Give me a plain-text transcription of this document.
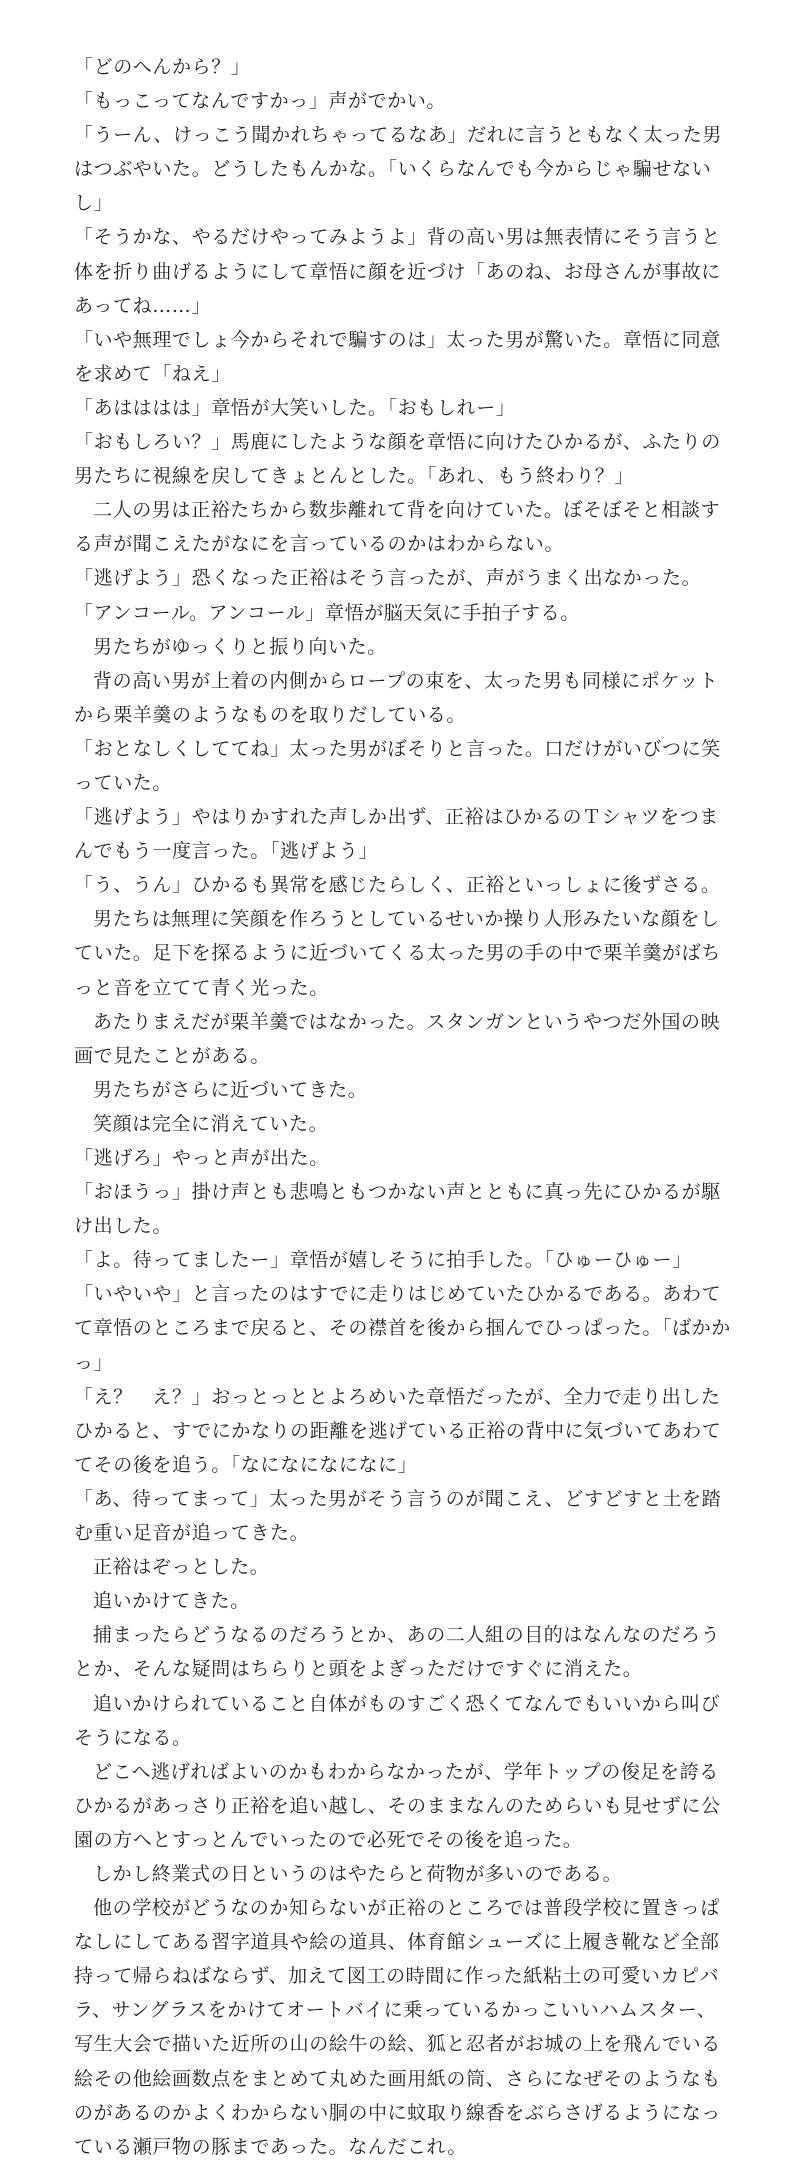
「どのへんから？」

「もっこってなんですかっ」声がでかい。

「うーん、けっこう聞かれちゃってるなあ」だれに言うともなく太った男はつぶやいた。どうしたもんかな。「いくらなんでも今からじゃ騙せないし」

「そうかな、やるだけやってみようよ」背の高い男は無表情にそう言うと体を折り曲げるようにして章悟に顔を近づけ「あのね、お母さんが事故にあってね……」

「いや無理でしょ今からそれで騙すのは」太った男が驚いた。章悟に同意を求めて「ねえ」

「あはははは」章悟が大笑いした。「おもしれー」

「おもしろい？」馬鹿にしたような顔を章悟に向けたひかるが、ふたりの男たちに視線を戻してきょとんとした。「あれ、もう終わり？」

二人の男は正裕たちから数歩離れて背を向けていた。ぼそぼそと相談する声が聞こえたがなにを言っているのかはわからない。

「逃げよう」恐くなった正裕はそう言ったが、声がうまく出なかった。

「アンコール。アンコール」章悟が脳天気に手拍子する。

男たちがゆっくりと振り向いた。

背の高い男が上着の内側からロープの束を、太った男も同様にポケットから栗羊羹のようなものを取りだしている。

「おとなしくしててね」太った男がぼそりと言った。口だけがいびつに笑っていた。

「逃げよう」やはりかすれた声しか出ず、正裕はひかるのＴシャツをつまんでもう一度言った。「逃げよう」

「う、うん」ひかるも異常を感じたらしく、正裕といっしょに後ずさる。

男たちは無理に笑顔を作ろうとしているせいか操り人形みたいな顔をしていた。足下を探るように近づいてくる太った男の手の中で栗羊羹がばちっと音を立てて青く光った。

あたりまえだが栗羊羹ではなかった。スタンガンというやつだ外国の映画で見たことがある。

男たちがさらに近づいてきた。

笑顔は完全に消えていた。

「逃げろ」やっと声が出た。

「おほうっ」掛け声とも悲鳴ともつかない声とともに真っ先にひかるが駆け出した。

「よ。待ってましたー」章悟が嬉しそうに拍手した。「ひゅーひゅー」

「いやいや」と言ったのはすでに走りはじめていたひかるである。あわてて章悟のところまで戻ると、その襟首を後から掴んでひっぱった。「ばかかっ」

「え？　え？」おっとっととよろめいた章悟だったが、全力で走り出したひかると、すでにかなりの距離を逃げている正裕の背中に気づいてあわててその後を追う。「なになになになに」

「あ、待ってまって」太った男がそう言うのが聞こえ、どすどすと土を踏む重い足音が追ってきた。

正裕はぞっとした。

追いかけてきた。

捕まったらどうなるのだろうとか、あの二人組の目的はなんなのだろうとか、そんな疑問はちらりと頭をよぎっただけですぐに消えた。

追いかけられていること自体がものすごく恐くてなんでもいいから叫びそうになる。

どこへ逃げればよいのかもわからなかったが、学年トップの俊足を誇るひかるがあっさり正裕を追い越し、そのままなんのためらいも見せずに公園の方へとすっとんでいったので必死でその後を追った。

しかし終業式の日というのはやたらと荷物が多いのである。

他の学校がどうなのか知らないが正裕のところでは普段学校に置きっぱなしにしてある習字道具や絵の道具、体育館シューズに上履き靴など全部持って帰らねばならず、加えて図工の時間に作った紙粘土の可愛いカピバラ、サングラスをかけてオートバイに乗っているかっこいいハムスター、写生大会で描いた近所の山の絵牛の絵、狐と忍者がお城の上を飛んでいる絵その他絵画数点をまとめて丸めた画用紙の筒、さらになぜそのようなものがあるのかよくわからない胴の中に蚊取り線香をぶらさげるようになっている瀬戸物の豚まであった。なんだこれ。
